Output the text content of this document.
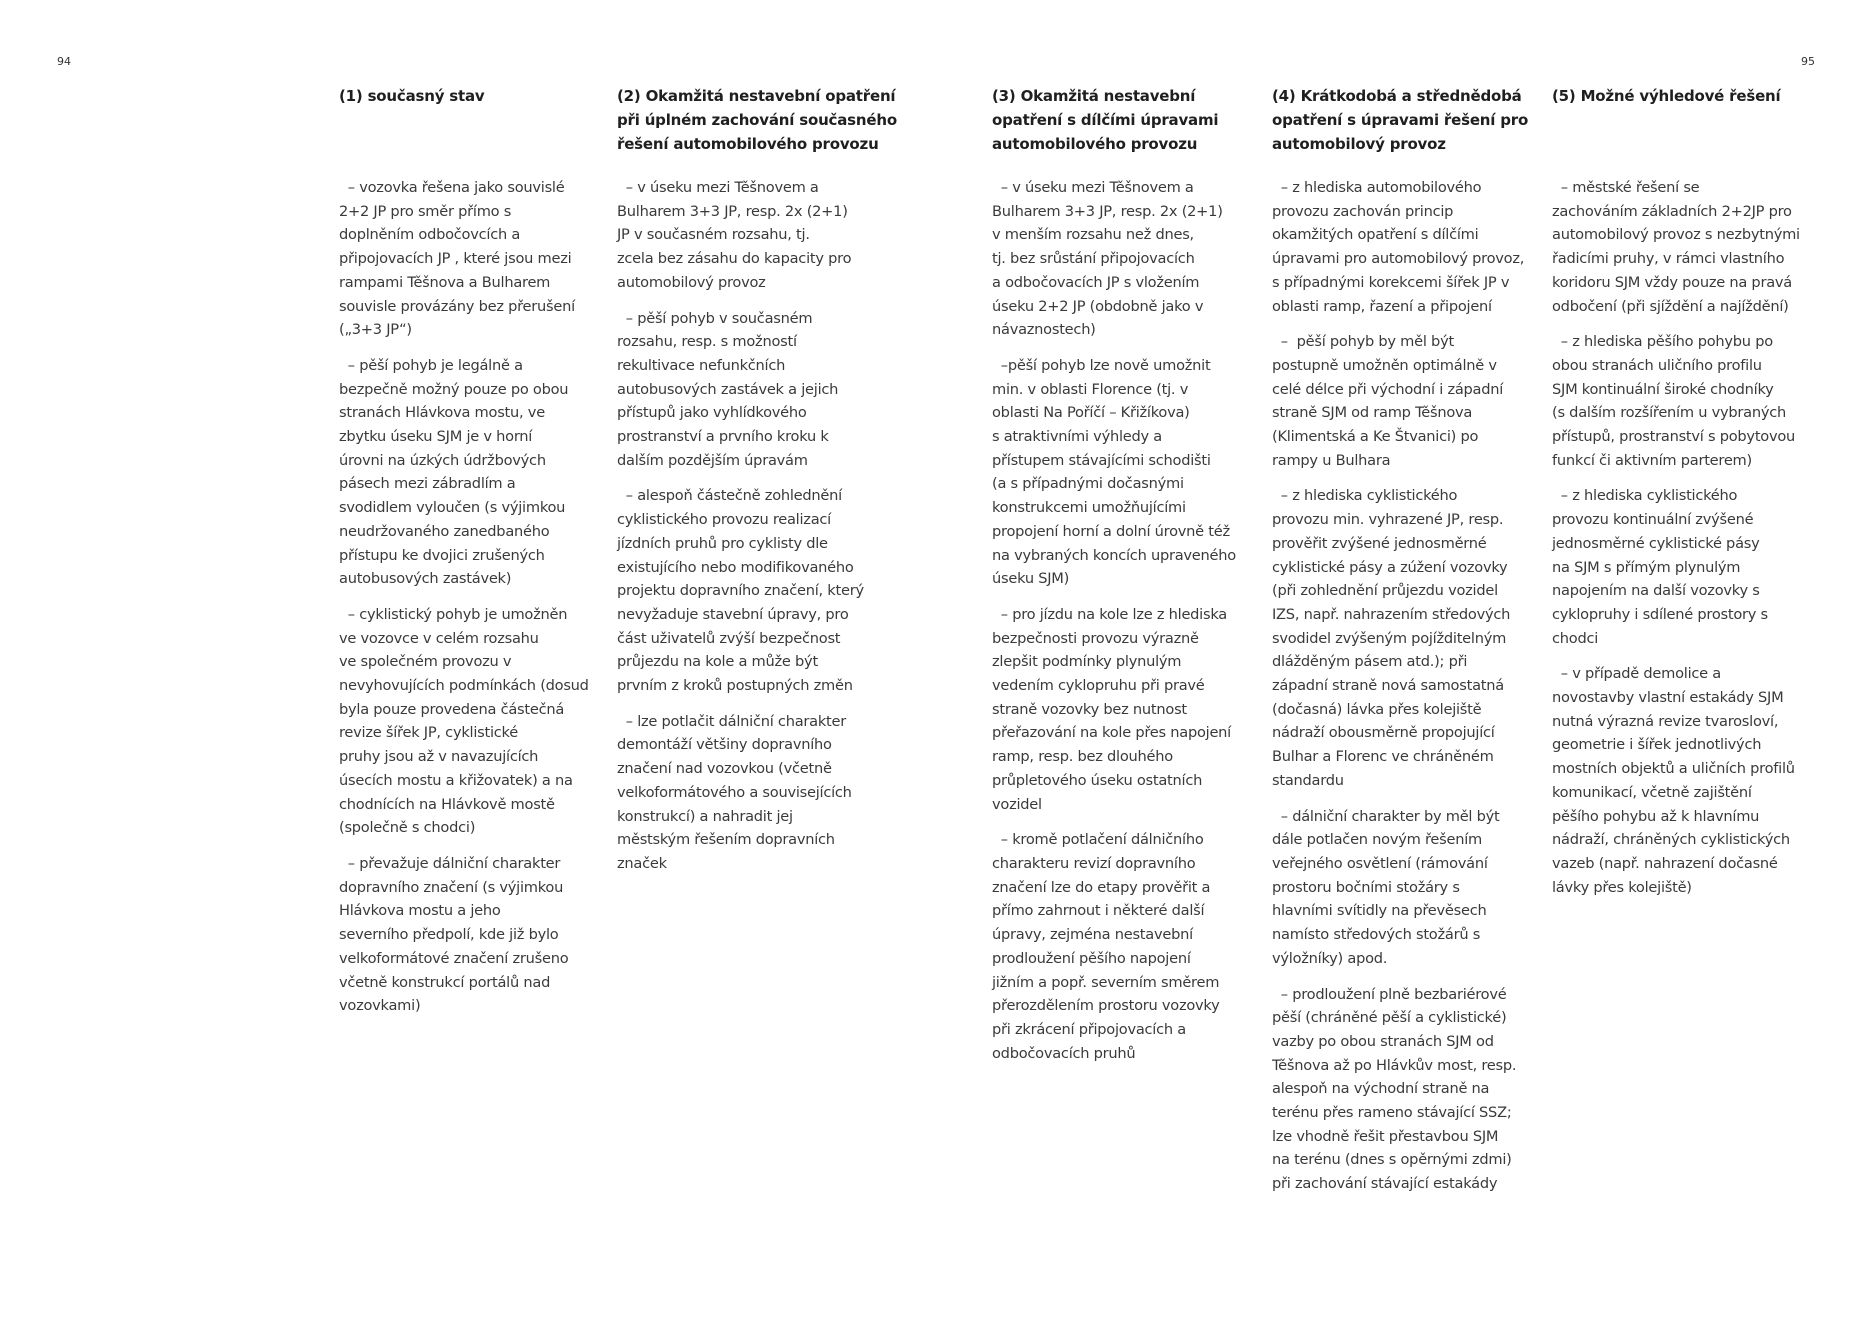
94	95
(1) současný stav

– vozovka řešena jako souvislé
2+2 JP pro směr přímo s
doplněním odbočovcích a
připojovacích JP , které jsou mezi
rampami Těšnova a Bulharem
souvisle provázány bez přerušení
(„3+3 JP“)

– pěší pohyb je legálně a
bezpečně možný pouze po obou
stranách Hlávkova mostu, ve
zbytku úseku SJM je v horní
úrovni na úzkých údržbových
pásech mezi zábradlím a
svodidlem vyloučen (s výjimkou
neudržovaného zanedbaného
přístupu ke dvojici zrušených
autobusových zastávek)

– cyklistický pohyb je umožněn
ve vozovce v celém rozsahu
ve společném provozu v
nevyhovujících podmínkách (dosud
byla pouze provedena částečná
revize šířek JP, cyklistické
pruhy jsou až v navazujících
úsecích mostu a křižovatek) a na
chodnících na Hlávkově mostě
(společně s chodci)

– převažuje dálniční charakter
dopravního značení (s výjimkou
Hlávkova mostu a jeho
severního předpolí, kde již bylo
velkoformátové značení zrušeno
včetně konstrukcí portálů nad
vozovkami)

(2) Okamžitá nestavební opatření
při úplném zachování současného
řešení automobilového provozu

– v úseku mezi Těšnovem a
Bulharem 3+3 JP, resp. 2x (2+1)
JP v současném rozsahu, tj.
zcela bez zásahu do kapacity pro
automobilový provoz

– pěší pohyb v současném
rozsahu, resp. s možností
rekultivace nefunkčních
autobusových zastávek a jejich
přístupů jako vyhlídkového
prostranství a prvního kroku k
dalším pozdějším úpravám

– alespoň částečně zohlednění
cyklistického provozu realizací
jízdních pruhů pro cyklisty dle
existujícího nebo modifikovaného
projektu dopravního značení, který
nevyžaduje stavební úpravy, pro
část uživatelů zvýší bezpečnost
průjezdu na kole a může být
prvním z kroků postupných změn

– lze potlačit dálniční charakter
demontáží většiny dopravního
značení nad vozovkou (včetně
velkoformátového a souvisejících
konstrukcí) a nahradit jej
městským řešením dopravních
značek

(3) Okamžitá nestavební
opatření s dílčími úpravami
automobilového provozu

– v úseku mezi Těšnovem a
Bulharem 3+3 JP, resp. 2x (2+1)
v menším rozsahu než dnes,
tj. bez srůstání připojovacích
a odbočovacích JP s vložením
úseku 2+2 JP (obdobně jako v
návaznostech)

–pěší pohyb lze nově umožnit
min. v oblasti Florence (tj. v
oblasti Na Poříčí – Křižíkova)
s atraktivními výhledy a
přístupem stávajícími schodišti
(a s případnými dočasnými
konstrukcemi umožňujícími
propojení horní a dolní úrovně též
na vybraných koncích upraveného
úseku SJM)

– pro jízdu na kole lze z hlediska
bezpečnosti provozu výrazně
zlepšit podmínky plynulým
vedením cyklopruhu při pravé
straně vozovky bez nutnost
přeřazování na kole přes napojení
ramp, resp. bez dlouhého
průpletového úseku ostatních
vozidel

– kromě potlačení dálničního
charakteru revizí dopravního
značení lze do etapy prověřit a
přímo zahrnout i některé další
úpravy, zejména nestavební
prodloužení pěšího napojení
jižním a popř. severním směrem
přerozdělením prostoru vozovky
při zkrácení připojovacích a
odbočovacích pruhů

(4) Krátkodobá a střednědobá
opatření s úpravami řešení pro
automobilový provoz

– z hlediska automobilového
provozu zachován princip
okamžitých opatření s dílčími
úpravami pro automobilový provoz,
s případnými korekcemi šířek JP v
oblasti ramp, řazení a připojení

–  pěší pohyb by měl být
postupně umožněn optimálně v
celé délce při východní i západní
straně SJM od ramp Těšnova
(Klimentská a Ke Štvanici) po
rampy u Bulhara

– z hlediska cyklistického
provozu min. vyhrazené JP, resp.
prověřit zvýšené jednosměrné
cyklistické pásy a zúžení vozovky
(při zohlednění průjezdu vozidel
IZS, např. nahrazením středových
svodidel zvýšeným pojížditelným
dlážděným pásem atd.); při
západní straně nová samostatná
(dočasná) lávka přes kolejiště
nádraží obousměrně propojující
Bulhar a Florenc ve chráněném
standardu

– dálniční charakter by měl být
dále potlačen novým řešením
veřejného osvětlení (rámování
prostoru bočními stožáry s
hlavními svítidly na převěsech
namísto středových stožárů s
výložníky) apod.

– prodloužení plně bezbariérové
pěší (chráněné pěší a cyklistické)
vazby po obou stranách SJM od
Těšnova až po Hlávkův most, resp.
alespoň na východní straně na
terénu přes rameno stávající SSZ;
lze vhodně řešit přestavbou SJM
na terénu (dnes s opěrnými zdmi)
při zachování stávající estakády

(5) Možné výhledové řešení

– městské řešení se
zachováním základních 2+2JP pro
automobilový provoz s nezbytnými
řadicími pruhy, v rámci vlastního
koridoru SJM vždy pouze na pravá
odbočení (při sjíždění a najíždění)

– z hlediska pěšího pohybu po
obou stranách uličního profilu
SJM kontinuální široké chodníky
(s dalším rozšířením u vybraných
přístupů, prostranství s pobytovou
funkcí či aktivním parterem)

– z hlediska cyklistického
provozu kontinuální zvýšené
jednosměrné cyklistické pásy
na SJM s přímým plynulým
napojením na další vozovky s
cyklopruhy i sdílené prostory s
chodci

– v případě demolice a
novostavby vlastní estakády SJM
nutná výrazná revize tvarosloví,
geometrie i šířek jednotlivých
mostních objektů a uličních profilů
komunikací, včetně zajištění
pěšího pohybu až k hlavnímu
nádraží, chráněných cyklistických
vazeb (např. nahrazení dočasné
lávky přes kolejiště)
